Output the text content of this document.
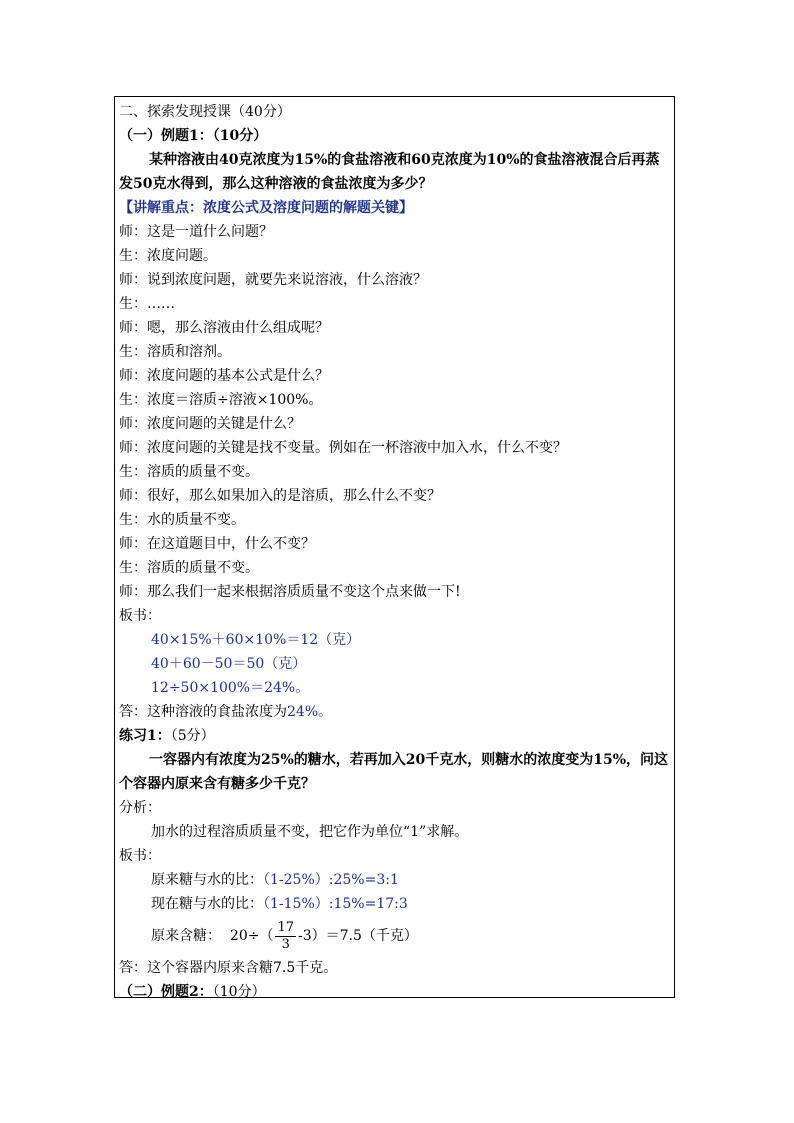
二、探索发现授课（40分）
（一）例题1：（10分）
某种溶液由40克浓度为15%的食盐溶液和60克浓度为10%的食盐溶液混合后再蒸发50克水得到，那么这种溶液的食盐浓度为多少？
【讲解重点：浓度公式及溶度问题的解题关键】
师：这是一道什么问题？
生：浓度问题。
师：说到浓度问题，就要先来说溶液，什么溶液？
生：……
师：嗯，那么溶液由什么组成呢？
生：溶质和溶剂。
师：浓度问题的基本公式是什么？
生：浓度＝溶质÷溶液×100%。
师：浓度问题的关键是什么？
师：浓度问题的关键是找不变量。例如在一杯溶液中加入水，什么不变？
生：溶质的质量不变。
师：很好，那么如果加入的是溶质，那么什么不变？
生：水的质量不变。
师：在这道题目中，什么不变？
生：溶质的质量不变。
师：那么我们一起来根据溶质质量不变这个点来做一下!
板书：
40×15%＋60×10%＝12（克）
40＋60－50＝50（克）
12÷50×100%＝24%。
答：这种溶液的食盐浓度为24%。
练习1：（5分）
一容器内有浓度为25%的糖水，若再加入20千克水，则糖水的浓度变为15%，问这个容器内原来含有糖多少千克？
分析：
加水的过程溶质质量不变，把它作为单位“1”求解。
板书：
原来糖与水的比：（1-25%）:25%=3:1
现在糖与水的比：（1-15%）:15%=17:3
原来含糖： $20\div( \frac{17}{3} -3)=7.5$（千克）
答：这个容器内原来含糖7.5千克。
（二）例题2：（10分）
